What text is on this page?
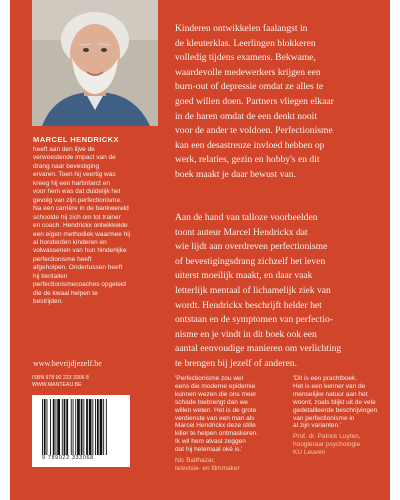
MARCEL HENDRICKX
heeft aan den lijve de
verwoestende impact van de
drang naar bevestiging
ervaren. Toen hij veertig was
kreeg hij een hartinfarct en
voor hem was dat duidelijk het
gevolg van zijn perfectionisme.
Na een carrière in de bankwereld
schoolde hij zich om tot trainer
en coach. Hendrickx ontwikkelde
een eigen methodiek waarmee hij
al honderden kinderen en
volwassenen van hun hinderlijke
perfectionisme heeft
afgeholpen. Ondertussen heeft
hij tientallen
perfectionismecoaches opgeleid
die de kwaal helpen te
bestrijden.
www.bevrijdjezelf.be
Kinderen ontwikkelen faalangst in
de kleuterklas. Leerlingen blokkeren
volledig tijdens examens. Bekwame,
waardevolle medewerkers krijgen een
burn-out of depressie omdat ze alles te
goed willen doen. Partners vliegen elkaar
in de haren omdat de een denkt nooit
voor de ander te voldoen. Perfectionisme
kan een desastreuze invloed hebben op
werk, relaties, gezin en hobby's en dit
boek maakt je daar bewust van.
Aan de hand van talloze voorbeelden
toont auteur Marcel Hendrickx dat
wie lijdt aan overdreven perfectionisme
of bevestigingsdrang zichzelf het leven
uiterst moeilijk maakt, en daar vaak
letterlijk mentaal of lichamelijk ziek van
wordt. Hendrickx beschrijft helder het
ontstaan en de symptomen van perfectio-
nisme en je vindt in dit boek ook een
aantal eenvoudige manieren om verlichting
te brengen bij jezelf of anderen.
ISBN 978 90 223 3306 8
WWW.MANTEAU.BE
9 789022 333068
'Perfectionisme zou wel
eens die moderne epidemie
kunnen wezen die ons meer
schade toebrengt dan we
willen weten. Het is de grote
verdienste van een man als
Marcel Hendrickx deze stille
killer te helpen ontmaskeren.
Ik wil hem alvast zeggen
dat hij helemaal oké is.'
Nic Balthazar,
televisie- en filmmaker
'Dit is een prachtboek.
Het is een kenner van de
menselijke natuur aan het
woord, zoals blijkt uit de vele
gedetailleerde beschrijvingen
van perfectionisme in
al zijn varianten.'
Prof. dr. Patrick Luyten,
hoogleraar psychologie
KU Leuven
